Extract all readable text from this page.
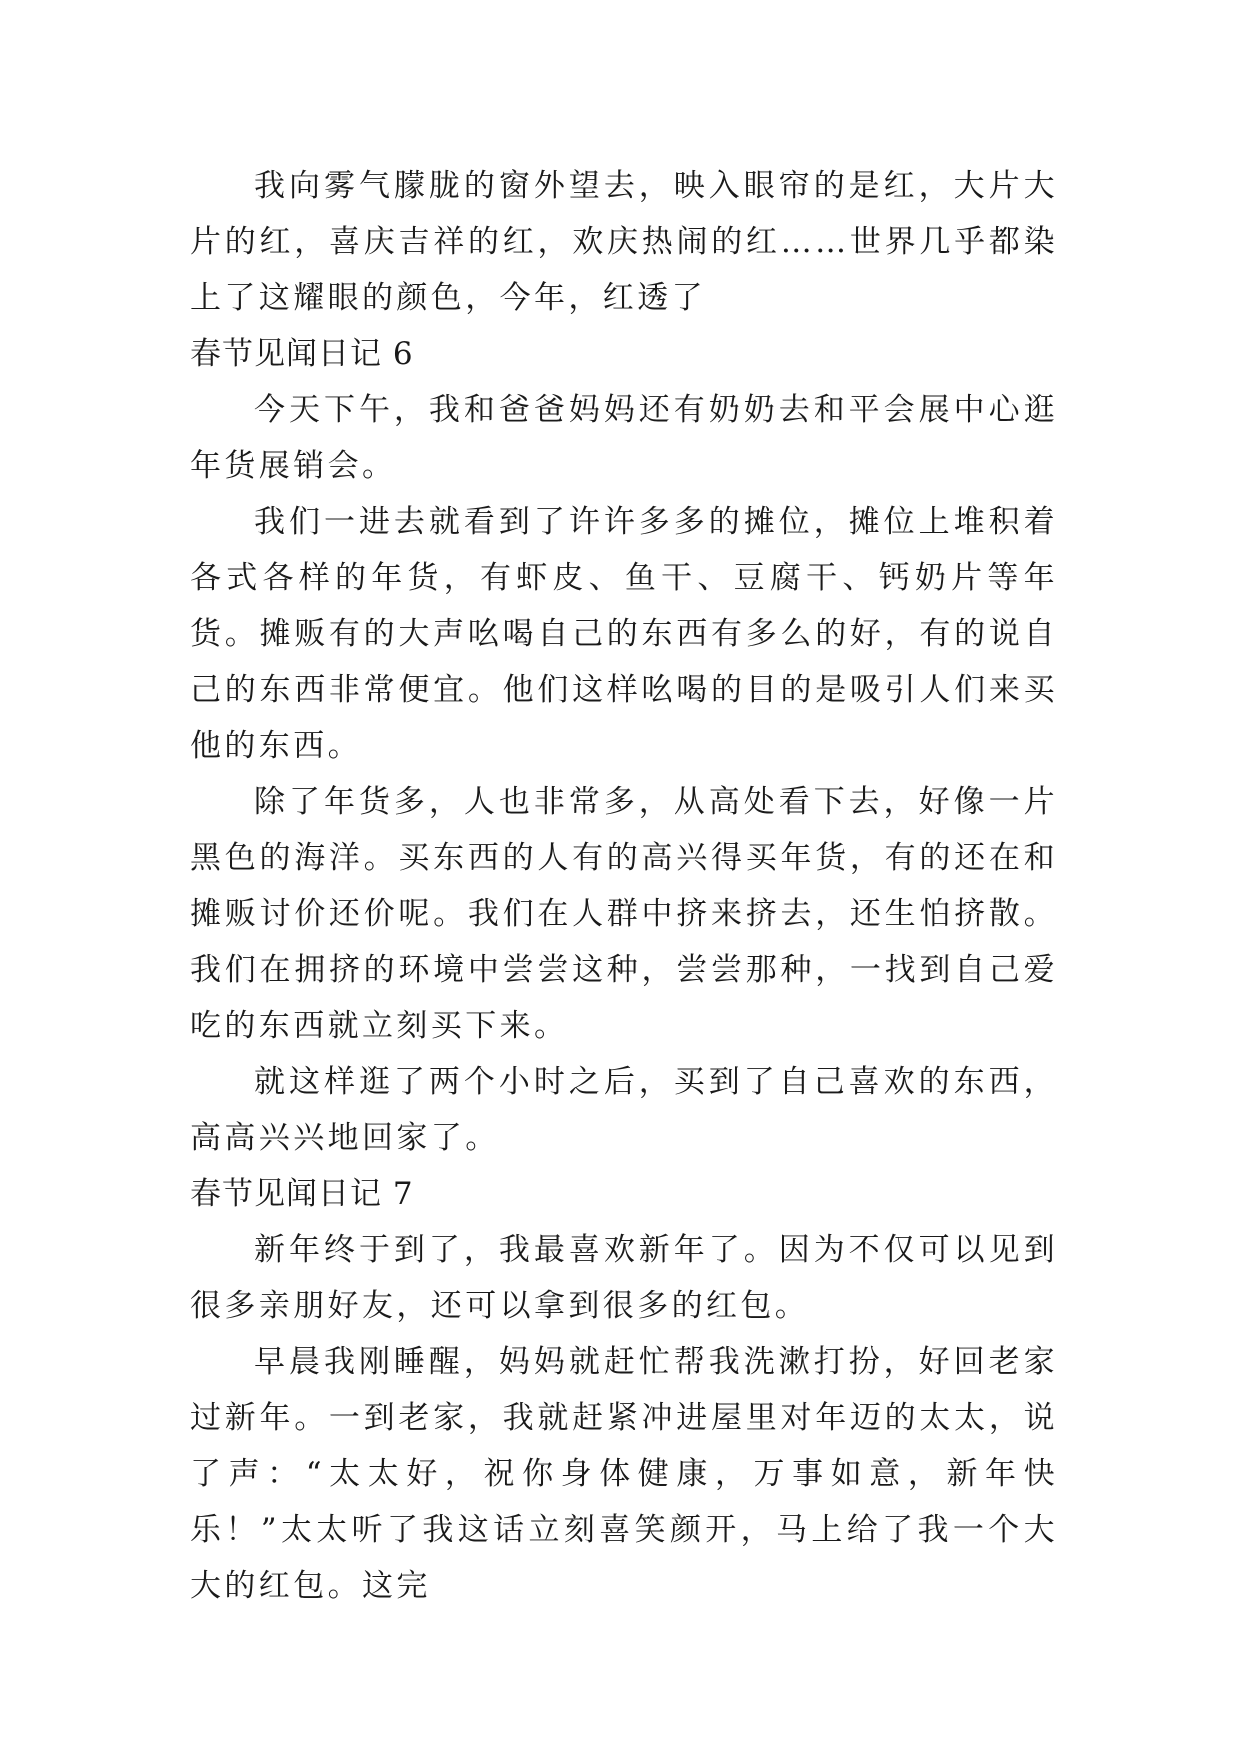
我向雾气朦胧的窗外望去，映入眼帘的是红，大片大片的红，喜庆吉祥的红，欢庆热闹的红……世界几乎都染上了这耀眼的颜色，今年，红透了

春节见闻日记 6

今天下午，我和爸爸妈妈还有奶奶去和平会展中心逛年货展销会。

我们一进去就看到了许许多多的摊位，摊位上堆积着各式各样的年货，有虾皮、鱼干、豆腐干、钙奶片等年货。摊贩有的大声吆喝自己的东西有多么的好，有的说自己的东西非常便宜。他们这样吆喝的目的是吸引人们来买他的东西。

除了年货多，人也非常多，从高处看下去，好像一片黑色的海洋。买东西的人有的高兴得买年货，有的还在和摊贩讨价还价呢。我们在人群中挤来挤去，还生怕挤散。我们在拥挤的环境中尝尝这种，尝尝那种，一找到自己爱吃的东西就立刻买下来。

就这样逛了两个小时之后，买到了自己喜欢的东西，高高兴兴地回家了。

春节见闻日记 7

新年终于到了，我最喜欢新年了。因为不仅可以见到很多亲朋好友，还可以拿到很多的红包。

早晨我刚睡醒，妈妈就赶忙帮我洗漱打扮，好回老家过新年。一到老家，我就赶紧冲进屋里对年迈的太太，说了声：“太太好，祝你身体健康，万事如意，新年快乐！”太太听了我这话立刻喜笑颜开，马上给了我一个大大的红包。这完
